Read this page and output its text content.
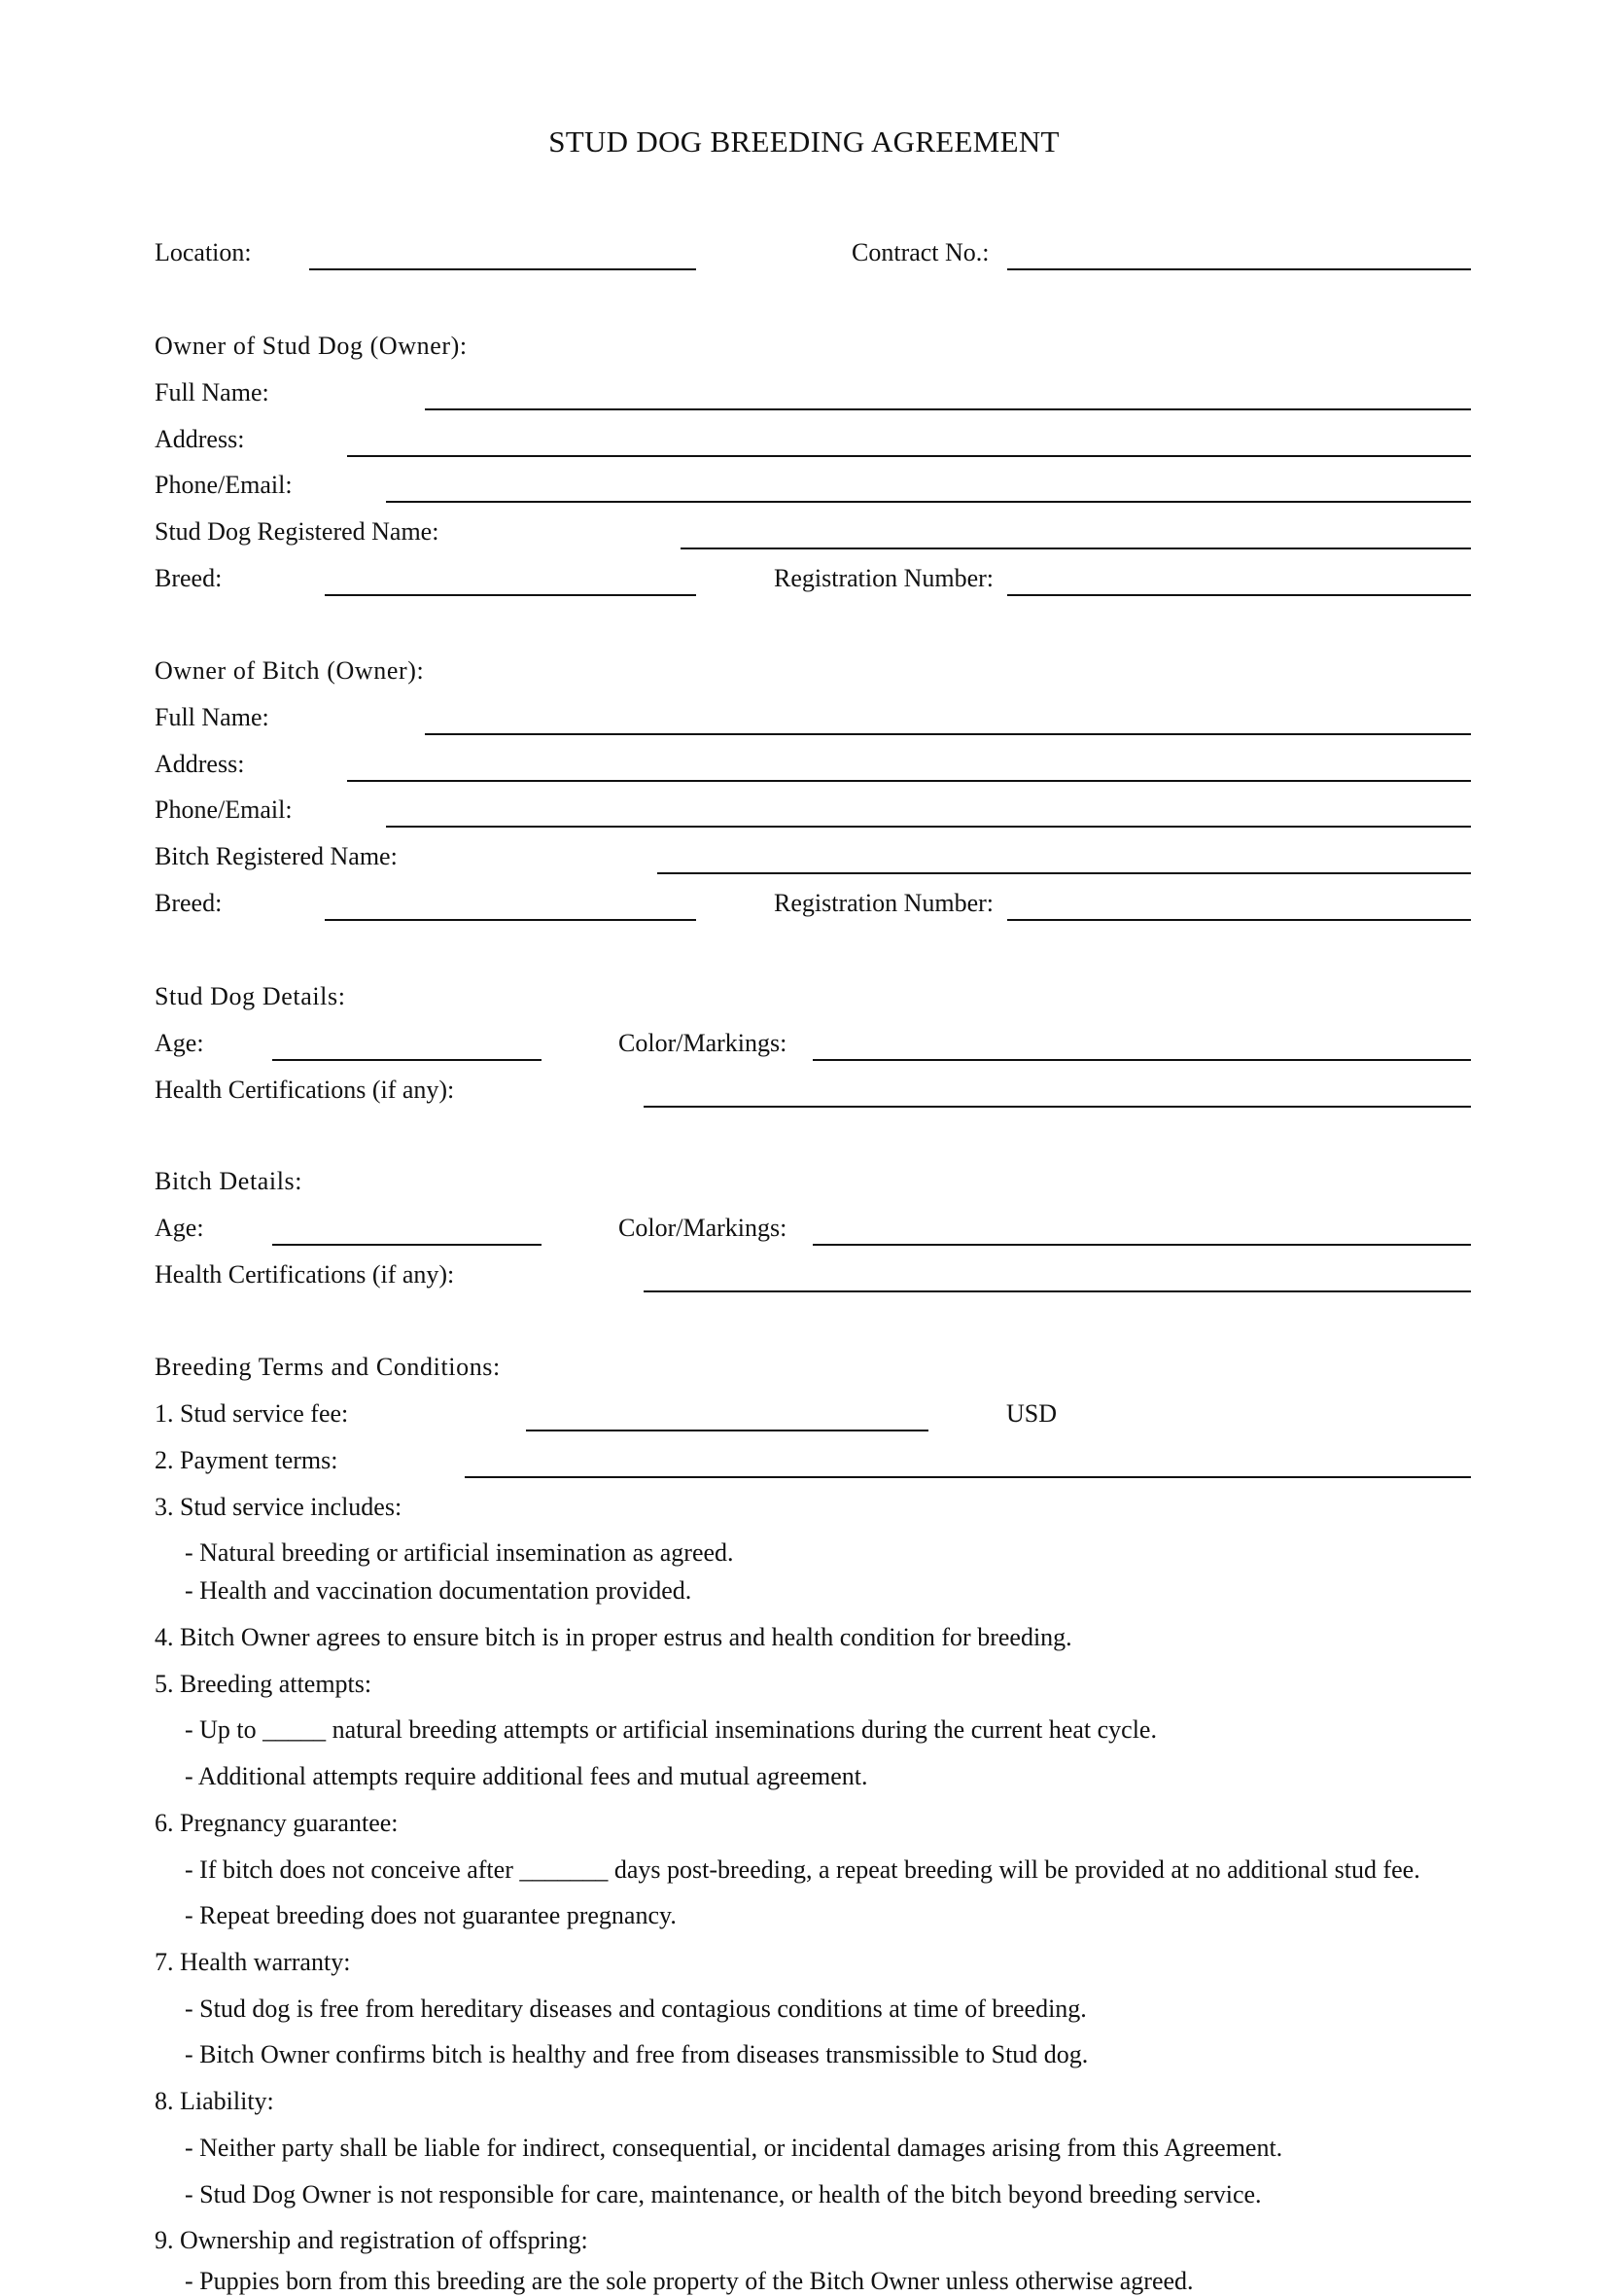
STUD DOG BREEDING AGREEMENT
Location:	Contract No.:
Owner of Stud Dog (Owner):
Full Name:
Address:
Phone/Email:
Stud Dog Registered Name:
Breed:	Registration Number:
Owner of Bitch (Owner):
Full Name:
Address:
Phone/Email:
Bitch Registered Name:
Breed:	Registration Number:
Stud Dog Details:
Age:	Color/Markings:
Health Certifications (if any):
Bitch Details:
Age:	Color/Markings:
Health Certifications (if any):
Breeding Terms and Conditions:
1. Stud service fee:	USD
2. Payment terms:
3. Stud service includes:
- Natural breeding or artificial insemination as agreed.
- Health and vaccination documentation provided.
4. Bitch Owner agrees to ensure bitch is in proper estrus and health condition for breeding.
5. Breeding attempts:
- Up to _____ natural breeding attempts or artificial inseminations during the current heat cycle.
- Additional attempts require additional fees and mutual agreement.
6. Pregnancy guarantee:
- If bitch does not conceive after _______ days post-breeding, a repeat breeding will be provided at no additional stud fee.
- Repeat breeding does not guarantee pregnancy.
7. Health warranty:
- Stud dog is free from hereditary diseases and contagious conditions at time of breeding.
- Bitch Owner confirms bitch is healthy and free from diseases transmissible to Stud dog.
8. Liability:
- Neither party shall be liable for indirect, consequential, or incidental damages arising from this Agreement.
- Stud Dog Owner is not responsible for care, maintenance, or health of the bitch beyond breeding service.
9. Ownership and registration of offspring:
- Puppies born from this breeding are the sole property of the Bitch Owner unless otherwise agreed.
